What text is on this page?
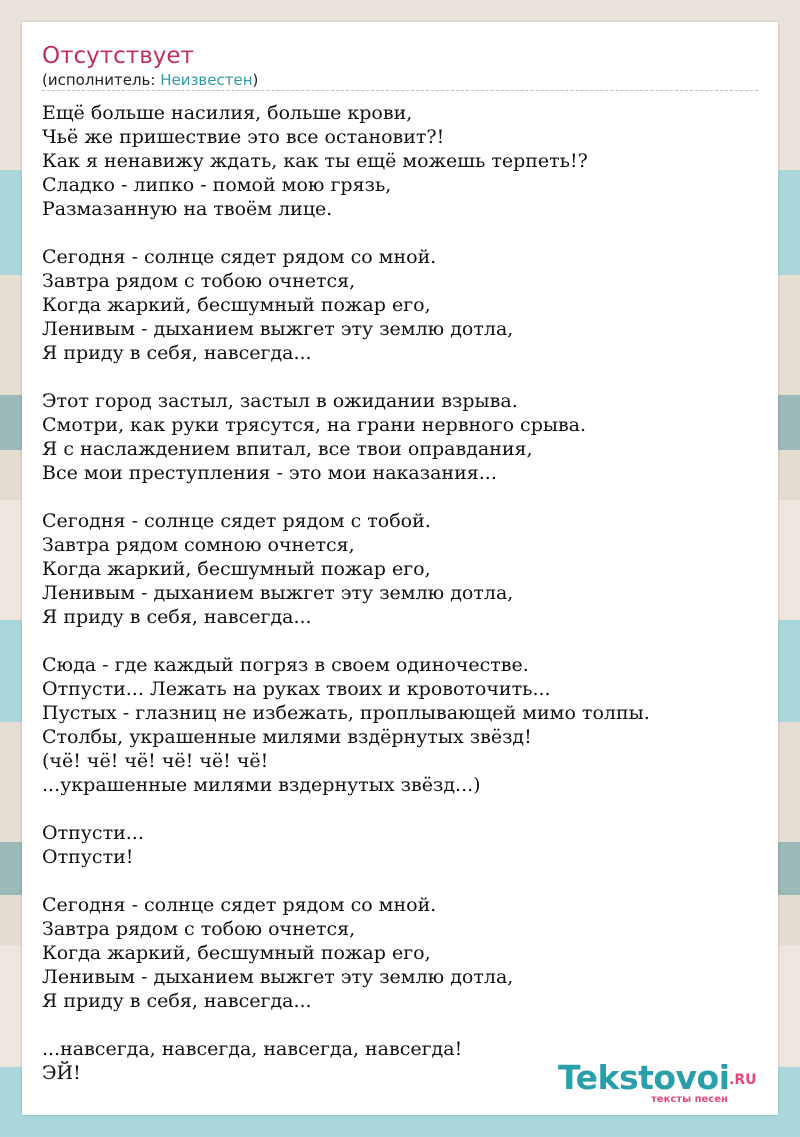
Отсутствует
(исполнитель: Неизвестен)
Ещё больше насилия, больше крови,
Чьё же пришествие это все остановит?!
Как я ненавижу ждать, как ты ещё можешь терпеть!?
Сладко - липко - помой мою грязь,
Размазанную на твоём лице.
Сегодня - солнце сядет рядом со мной.
Завтра рядом с тобою очнется,
Когда жаркий, бесшумный пожар его,
Ленивым - дыханием выжгет эту землю дотла,
Я приду в себя, навсегда...
Этот город застыл, застыл в ожидании взрыва.
Смотри, как руки трясутся, на грани нервного срыва.
Я с наслаждением впитал, все твои оправдания,
Все мои преступления - это мои наказания...
Сегодня - солнце сядет рядом с тобой.
Завтра рядом сомною очнется,
Когда жаркий, бесшумный пожар его,
Ленивым - дыханием выжгет эту землю дотла,
Я приду в себя, навсегда...
Сюда - где каждый погряз в своем одиночестве.
Отпусти... Лежать на руках твоих и кровоточить...
Пустых - глазниц не избежать, проплывающей мимо толпы.
Столбы, украшенные милями вздёрнутых звёзд!
(чё! чё! чё! чё! чё! чё!
...украшенные милями вздернутых звёзд...)
Отпусти...
Отпусти!
Сегодня - солнце сядет рядом со мной.
Завтра рядом с тобою очнется,
Когда жаркий, бесшумный пожар его,
Ленивым - дыханием выжгет эту землю дотла,
Я приду в себя, навсегда...
...навсегда, навсегда, навсегда, навсегда!
ЭЙ!	Tekstovoi .RU
тексты песен
